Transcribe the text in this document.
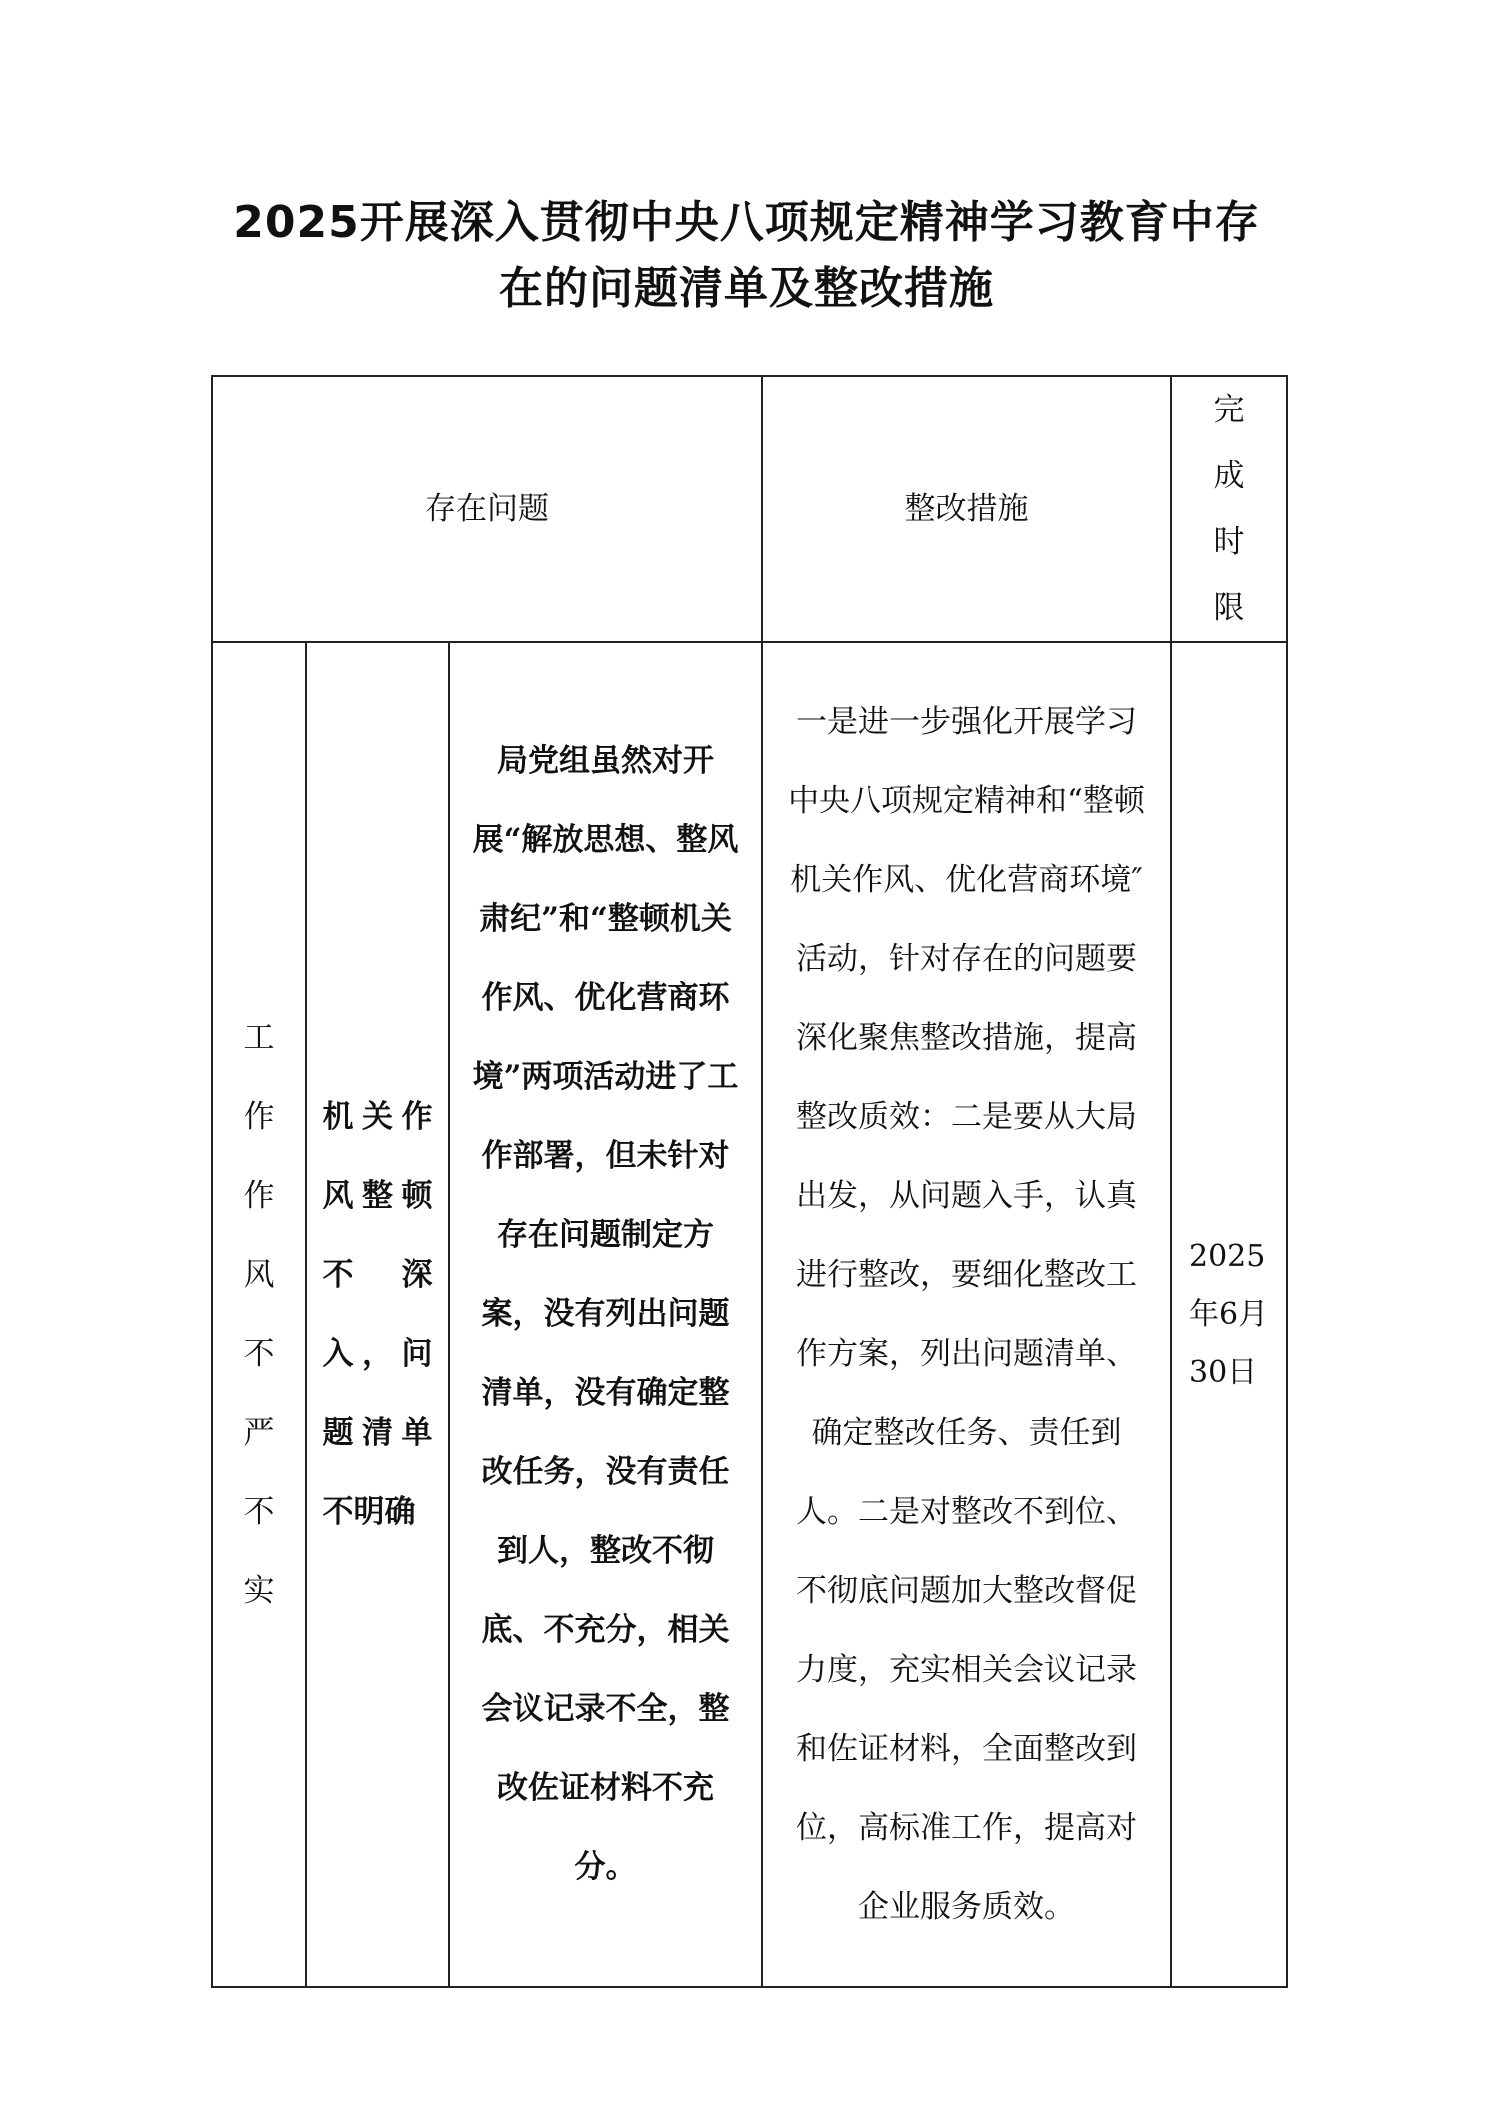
2025开展深入贯彻中央八项规定精神学习教育中存
在的问题清单及整改措施
存在问题			整改措施	完成时限

工作作风不严不实	机关作风整顿不深入，问题清单不明确	局党组虽然对开展“解放思想、整风肃纪”和“整顿机关作风、优化营商环境”两项活动进了工作部署，但未针对存在问题制定方案，没有列出问题清单，没有确定整改任务，没有责任到人，整改不彻底、不充分，相关会议记录不全，整改佐证材料不充分。	一是进一步强化开展学习中央八项规定精神和“整顿机关作风、优化营商环境″活动，针对存在的问题要深化聚焦整改措施，提高整改质效：二是要从大局出发，从问题入手，认真进行整改，要细化整改工作方案，列出问题清单、确定整改任务、责任到人。二是对整改不到位、不彻底问题加大整改督促力度，充实相关会议记录和佐证材料，全面整改到位，高标准工作，提高对企业服务质效。	2025年6月30日
